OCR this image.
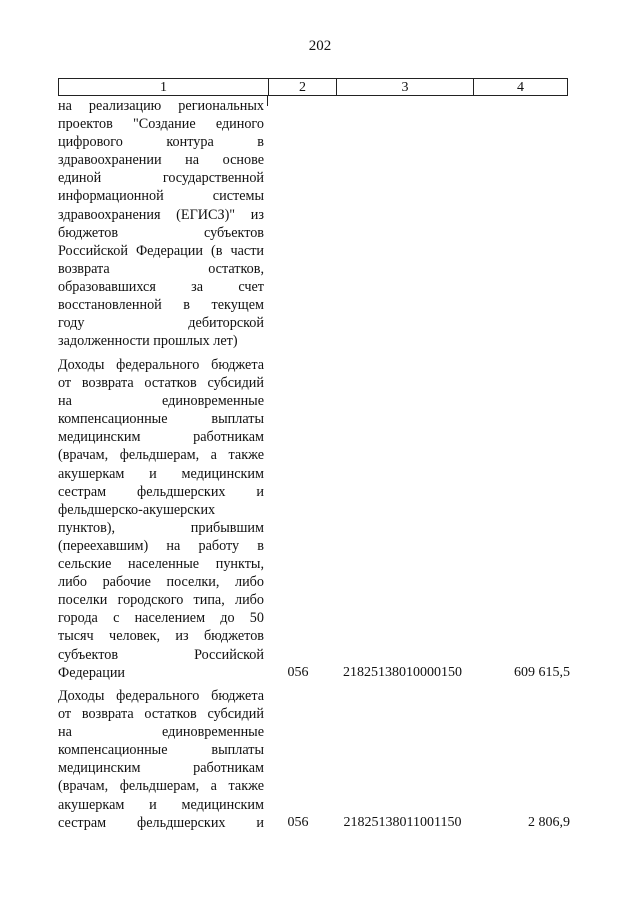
202
1	2	3	4
на реализацию региональных
проектов "Создание единого
цифрового контура в
здравоохранении на основе
единой государственной
информационной системы
здравоохранения (ЕГИСЗ)" из
бюджетов субъектов
Российской Федерации (в части
возврата остатков,
образовавшихся за счет
восстановленной в текущем
году дебиторской
задолженности прошлых лет)
Доходы федерального бюджета
от возврата остатков субсидий
на единовременные
компенсационные выплаты
медицинским работникам
(врачам, фельдшерам, а также
акушеркам и медицинским
сестрам фельдшерских и
фельдшерско-акушерских
пунктов), прибывшим
(переехавшим) на работу в
сельские населенные пункты,
либо рабочие поселки, либо
поселки городского типа, либо
города с населением до 50
тысяч человек, из бюджетов
субъектов Российской
Федерации	056	21825138010000150	609 615,5
Доходы федерального бюджета
от возврата остатков субсидий
на единовременные
компенсационные выплаты
медицинским работникам
(врачам, фельдшерам, а также
акушеркам и медицинским
сестрам фельдшерских и	056	21825138011001150	2 806,9
